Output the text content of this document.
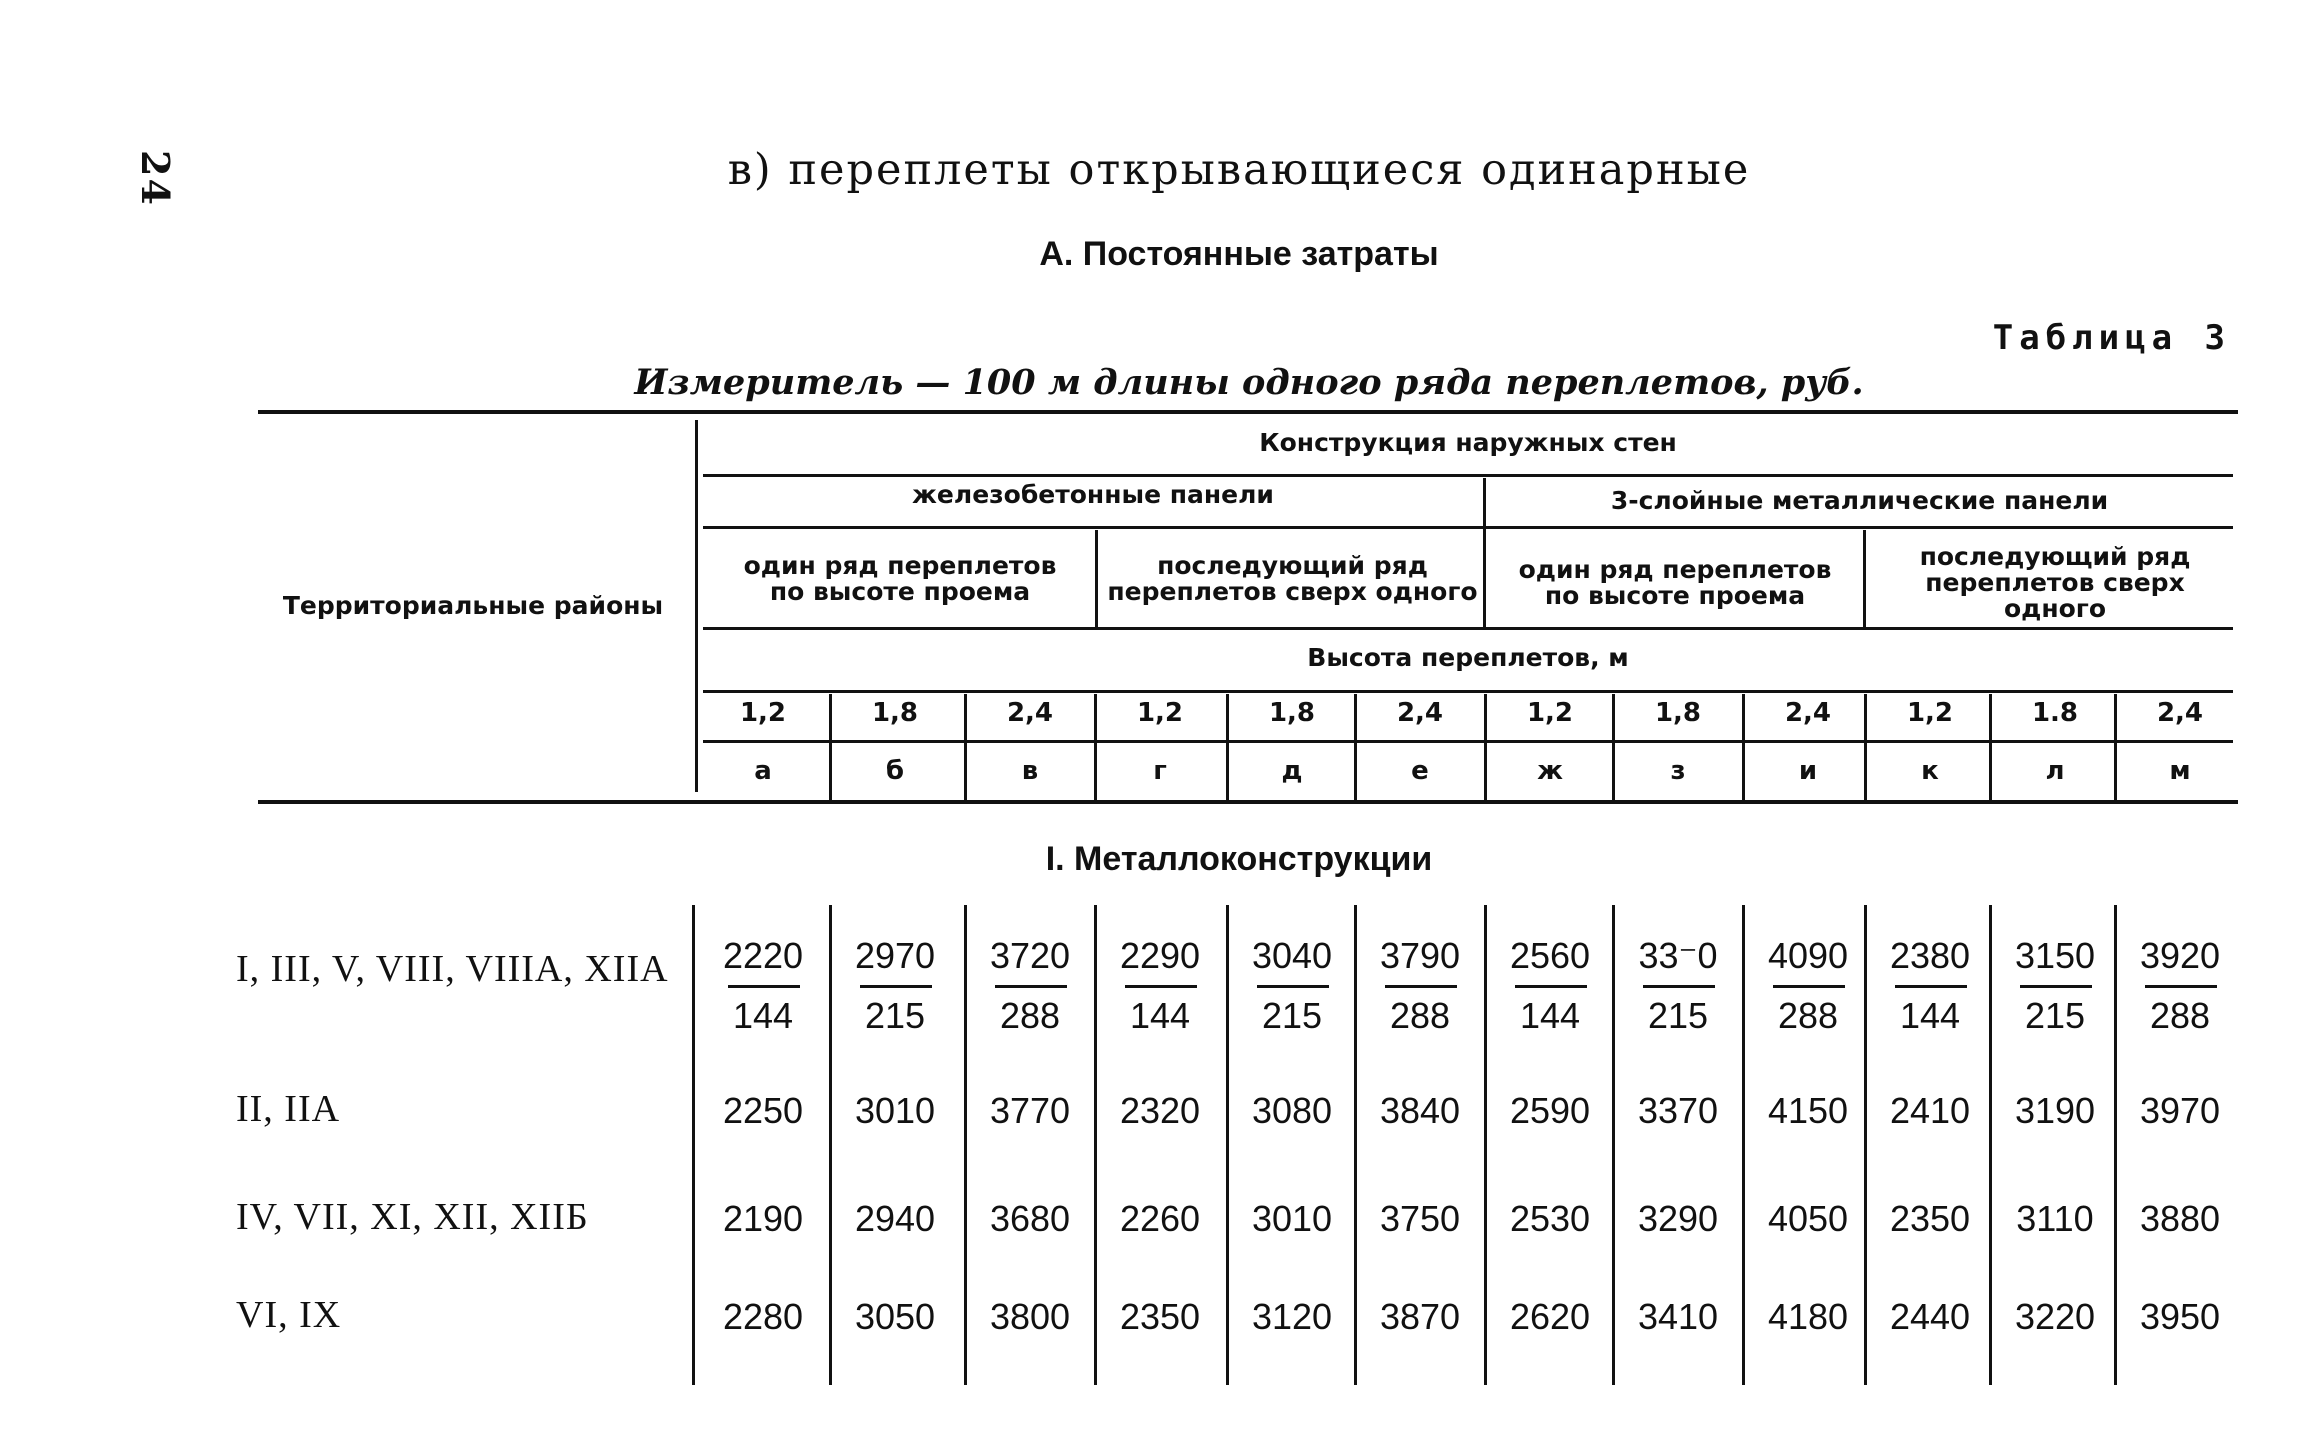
24	в) переплеты открывающиеся одинарные
А. Постоянные затраты
Таблица 3
Измеритель — 100 м длины одного ряда переплетов, руб.
Территориальные районы
Конструкция наружных стен
железобетонные панели	3-слойные металлические панели
один ряд переплетов по высоте проема
последующий ряд переплетов сверх одного
один ряд переплетов по высоте проема
последующий ряд переплетов сверх одного
Высота переплетов, м
1,2	1,8	2,4	1,2	1,8	2,4	1,2	1,8	2,4	1,2	1.8	2,4
а	б	в	г	д	е	ж	з	и	к	л	м
I. Металлоконструкции
I, III, V, VIII, VIIIA, XIIA	2220	2970	3720	2290	3040	3790	2560	33⁻0	4090	2380	3150	3920
144	215	288	144	215	288	144	215	288	144	215	288
II, IIA	2250	3010	3770	2320	3080	3840	2590	3370	4150	2410	3190	3970
IV, VII, XI, XII, XIIБ	2190	2940	3680	2260	3010	3750	2530	3290	4050	2350	3110	3880
VI, IX	2280	3050	3800	2350	3120	3870	2620	3410	4180	2440	3220	3950
